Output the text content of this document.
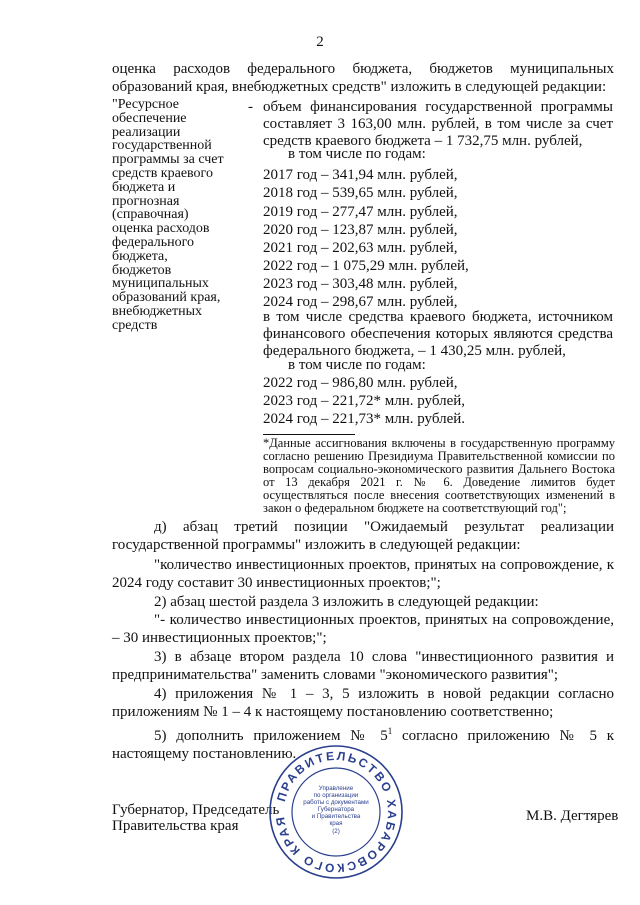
2
оценка расходов федерального бюджета, бюджетов муниципальных
образований края, внебюджетных средств" изложить в следующей редакции:
"Ресурсное
обеспечение
реализации
государственной
программы за счет
средств краевого
бюджета и
прогнозная
(справочная)
оценка расходов
федерального
бюджета,
бюджетов
муниципальных
образований края,
внебюджетных
средств
- объем финансирования государственной программы составляет 3 163,00 млн. рублей, в том числе за счет средств краевого бюджета – 1 732,75 млн. рублей,
в том числе по годам:
2017 год – 341,94 млн. рублей,
2018 год – 539,65 млн. рублей,
2019 год – 277,47 млн. рублей,
2020 год – 123,87 млн. рублей,
2021 год – 202,63 млн. рублей,
2022 год – 1 075,29 млн. рублей,
2023 год – 303,48 млн. рублей,
2024 год – 298,67 млн. рублей,
в том числе средства краевого бюджета, источником финансового обеспечения которых являются средства федерального бюджета, – 1 430,25 млн. рублей,
в том числе по годам:
2022 год – 986,80 млн. рублей,
2023 год – 221,72* млн. рублей,
2024 год – 221,73* млн. рублей.
*Данные ассигнования включены в государственную программу согласно решению Президиума Правительственной комиссии по вопросам социально-экономического развития Дальнего Востока от 13 декабря 2021 г. № 6. Доведение лимитов будет осуществляться после внесения соответствующих изменений в закон о федеральном бюджете на соответствующий год";
д) абзац третий позиции "Ожидаемый результат реализации государственной программы" изложить в следующей редакции:
"количество инвестиционных проектов, принятых на сопровождение, к 2024 году составит 30 инвестиционных проектов;";
2) абзац шестой раздела 3 изложить в следующей редакции:
"- количество инвестиционных проектов, принятых на сопровождение, – 30 инвестиционных проектов;";
3) в абзаце втором раздела 10 слова "инвестиционного развития и предпринимательства" заменить словами "экономического развития";
4) приложения № 1 – 3, 5 изложить в новой редакции согласно приложениям № 1 – 4 к настоящему постановлению соответственно;
5) дополнить приложением № $5^1$ согласно приложению № 5 к настоящему постановлению.
Губернатор, Председатель
Правительства края
М.В. Дегтярев
ПРАВИТЕЛЬСТВО ХАБАРОВСКОГО КРАЯ
Управление
по организации
работы с документами
Губернатора
и Правительства
края
(2)
